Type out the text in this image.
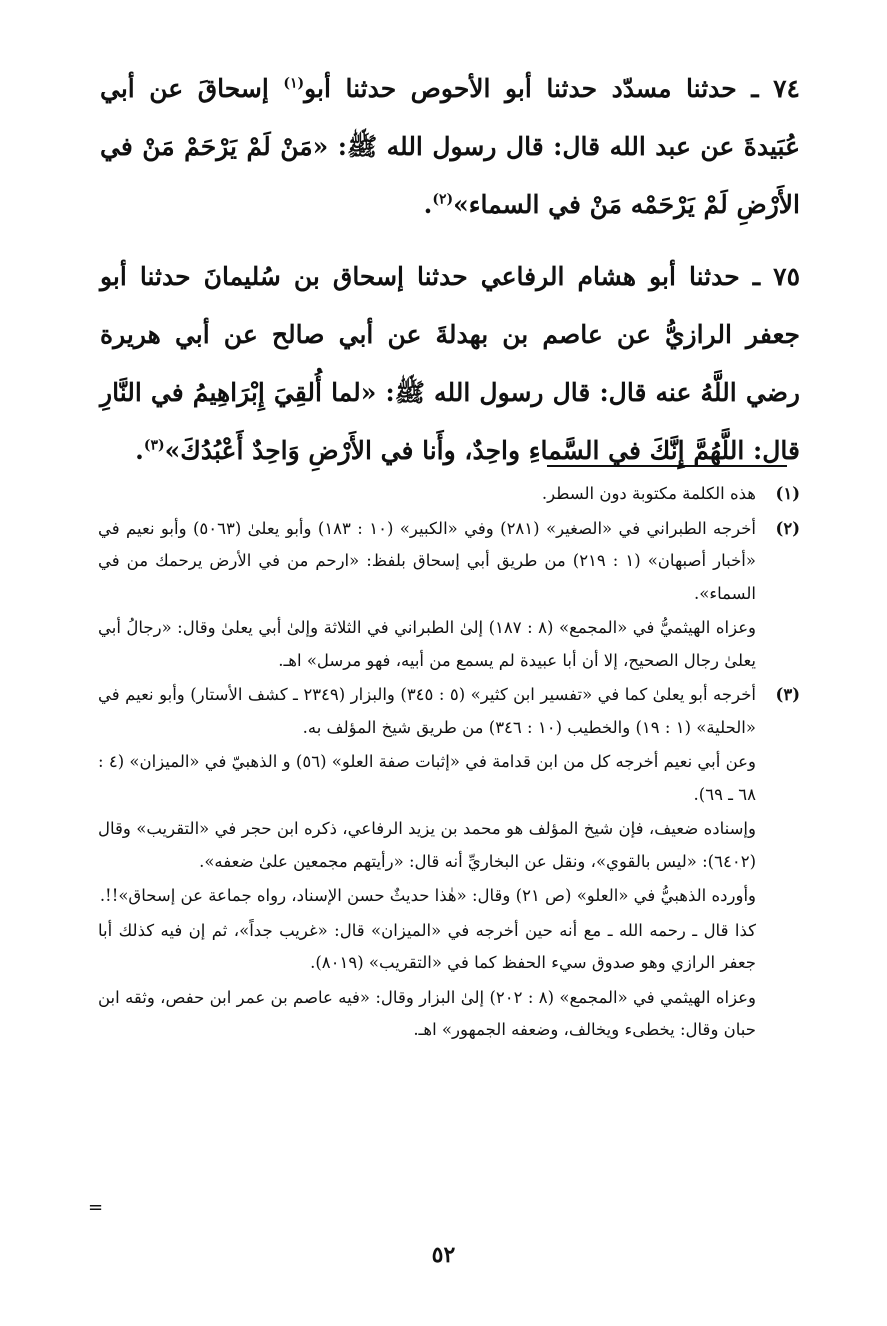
٧٤ ـ حدثنا مسدّد حدثنا أبو الأحوص حدثنا أبو$^{(١)}$ إسحاقَ عن أبي عُبَيدةَ عن عبد الله قال: قال رسول الله ﷺ: «مَنْ لَمْ يَرْحَمْ مَنْ في الأَرْضِ لَمْ يَرْحَمْه مَنْ في السماء»$^{(٢)}$.

٧٥ ـ حدثنا أبو هشام الرفاعي حدثنا إسحاق بن سُليمانَ حدثنا أبو جعفر الرازيُّ عن عاصم بن بهدلةَ عن أبي صالح عن أبي هريرة رضي اللَّهُ عنه قال: قال رسول الله ﷺ: «لما أُلقِيَ إِبْرَاهِيمُ في النَّارِ قال: اللَّهُمَّ إِنَّكَ في السَّماءِ واحِدٌ، وأَنا في الأَرْضِ وَاحِدٌ أَعْبُدُكَ»$^{(٣)}$.

(١)

هذه الكلمة مكتوبة دون السطر.

(٢)

أخرجه الطبراني في «الصغير» (٢٨١) وفي «الكبير» (١٠ : ١٨٣) وأبو يعلىٰ (٥٠٦٣) وأبو نعيم في «أخبار أصبهان» (١ : ٢١٩) من طريق أبي إسحاق بلفظ: «ارحم من في الأرض يرحمك من في السماء».

وعزاه الهيثميُّ في «المجمع» (٨ : ١٨٧) إلىٰ الطبراني في الثلاثة وإلىٰ أبي يعلىٰ وقال: «رجالُ أبي يعلىٰ رجال الصحيح، إلا أن أبا عبيدة لم يسمع من أبيه، فهو مرسل» اهـ.

(٣)

أخرجه أبو يعلىٰ كما في «تفسير ابن كثير» (٥ : ٣٤٥) والبزار (٢٣٤٩ ـ كشف الأستار) وأبو نعيم في «الحلية» (١ : ١٩) والخطيب (١٠ : ٣٤٦) من طريق شيخ المؤلف به.

وعن أبي نعيم أخرجه كل من ابن قدامة في «إثبات صفة العلو» (٥٦) و الذهبيّ في «الميزان» (٤ : ٦٨ ـ ٦٩).

وإسناده ضعيف، فإن شيخ المؤلف هو محمد بن يزيد الرفاعي، ذكره ابن حجر في «التقريب» وقال (٦٤٠٢): «ليس بالقوي»، ونقل عن البخاريِّ أنه قال: «رأيتهم مجمعين علىٰ ضعفه».

وأورده الذهبيُّ في «العلو» (ص ٢١) وقال: «هٰذا حديثٌ حسن الإسناد، رواه جماعة عن إسحاق»!!.

كذا قال ـ رحمه الله ـ مع أنه حين أخرجه في «الميزان» قال: «غريب جداً»، ثم إن فيه كذلك أبا جعفر الرازي وهو صدوق سيء الحفظ كما في «التقريب» (٨٠١٩).

وعزاه الهيثمي في «المجمع» (٨ : ٢٠٢) إلىٰ البزار وقال: «فيه عاصم بن عمر ابن حفص، وثقه ابن حبان وقال: يخطىء ويخالف، وضعفه الجمهور» اهـ.

=
٥٢
